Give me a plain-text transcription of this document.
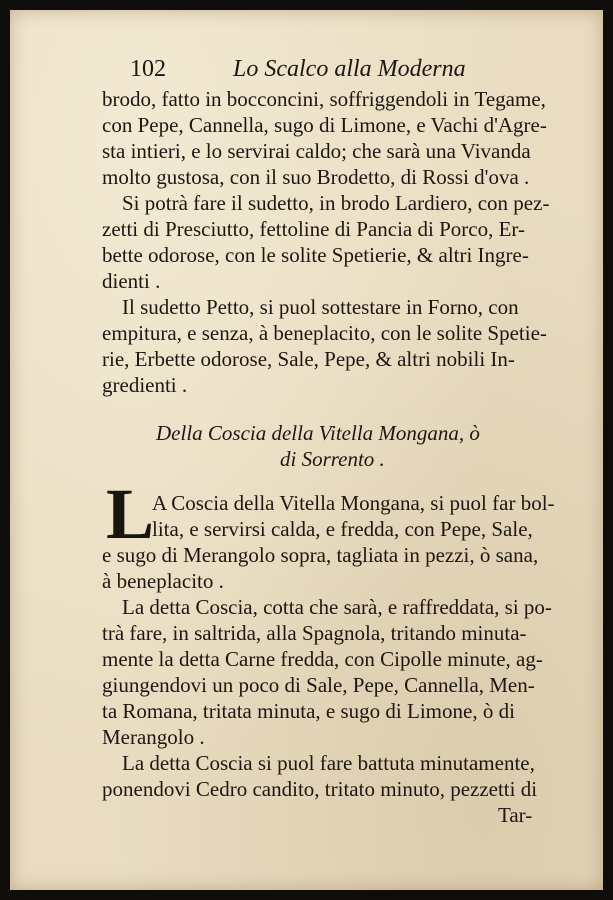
102	Lo Scalco alla Moderna
brodo, fatto in bocconcini, soffriggendoli in Tegame,
con Pepe, Cannella, sugo di Limone, e Vachi d'Agre-
sta intieri, e lo servirai caldo; che sarà una Vivanda
molto gustosa, con il suo Brodetto, di Rossi d'ova .
Si potrà fare il sudetto, in brodo Lardiero, con pez-
zetti di Presciutto, fettoline di Pancia di Porco, Er-
bette odorose, con le solite Spetierie, & altri Ingre-
dienti .
Il sudetto Petto, si puol sottestare in Forno, con
empitura, e senza, à beneplacito, con le solite Spetie-
rie, Erbette odorose, Sale, Pepe, & altri nobili In-
gredienti .
Della Coscia della Vitella Mongana, ò
di Sorrento .
L
A Coscia della Vitella Mongana, si puol far bol-
lita, e servirsi calda, e fredda, con Pepe, Sale,
e sugo di Merangolo sopra, tagliata in pezzi, ò sana,
à beneplacito .
La detta Coscia, cotta che sarà, e raffreddata, si po-
trà fare, in saltrida, alla Spagnola, tritando minuta-
mente la detta Carne fredda, con Cipolle minute, ag-
giungendovi un poco di Sale, Pepe, Cannella, Men-
ta Romana, tritata minuta, e sugo di Limone, ò di
Merangolo .
La detta Coscia si puol fare battuta minutamente,
ponendovi Cedro candito, tritato minuto, pezzetti di
Tar-
